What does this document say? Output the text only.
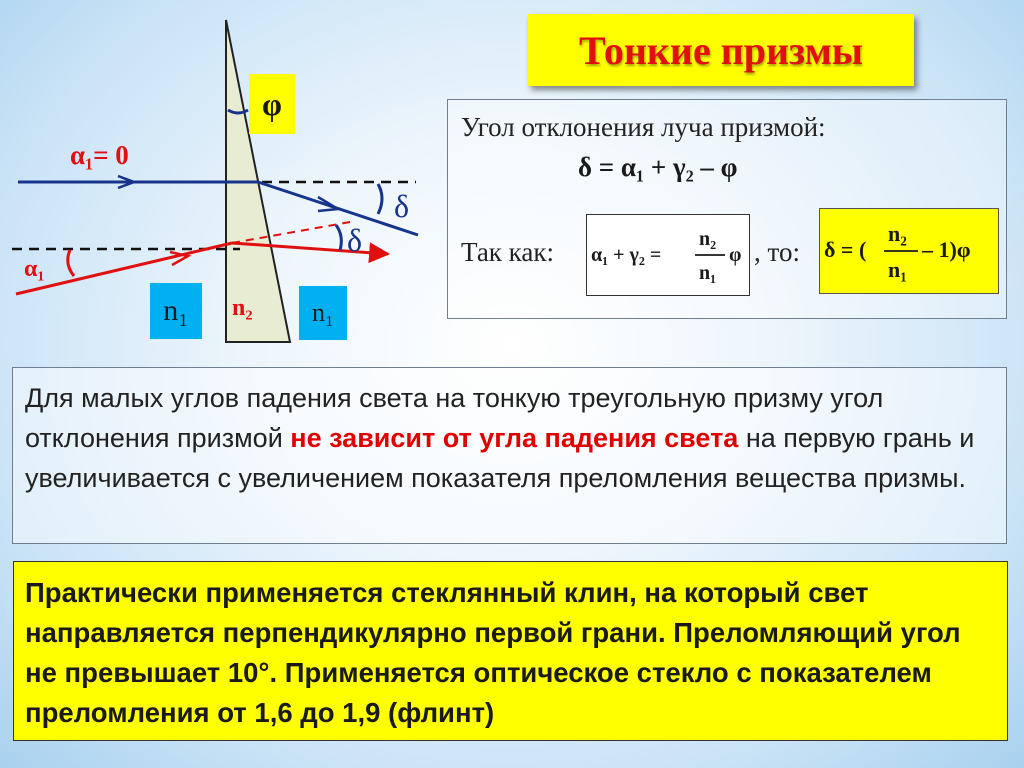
φ
α₁= 0
α₁
δ
δ
n₁ n₂ n₁
Тонкие призмы
Угол отклонения луча призмой:
δ = α₁ + γ₂ – φ
Так как: α₁ + γ₂ =
n₂
n₁
φ , то: δ = (
n₂
n₁
– 1)φ

Для малых углов падения света на тонкую треугольную призму угол отклонения призмой не зависит от угла падения света на первую грань и увеличивается с увеличением показателя преломления вещества призмы.

Практически применяется стеклянный клин, на который свет направляется перпендикулярно первой грани. Преломляющий угол не превышает 10°. Применяется оптическое стекло с показателем преломления от 1,6 до 1,9 (флинт)
